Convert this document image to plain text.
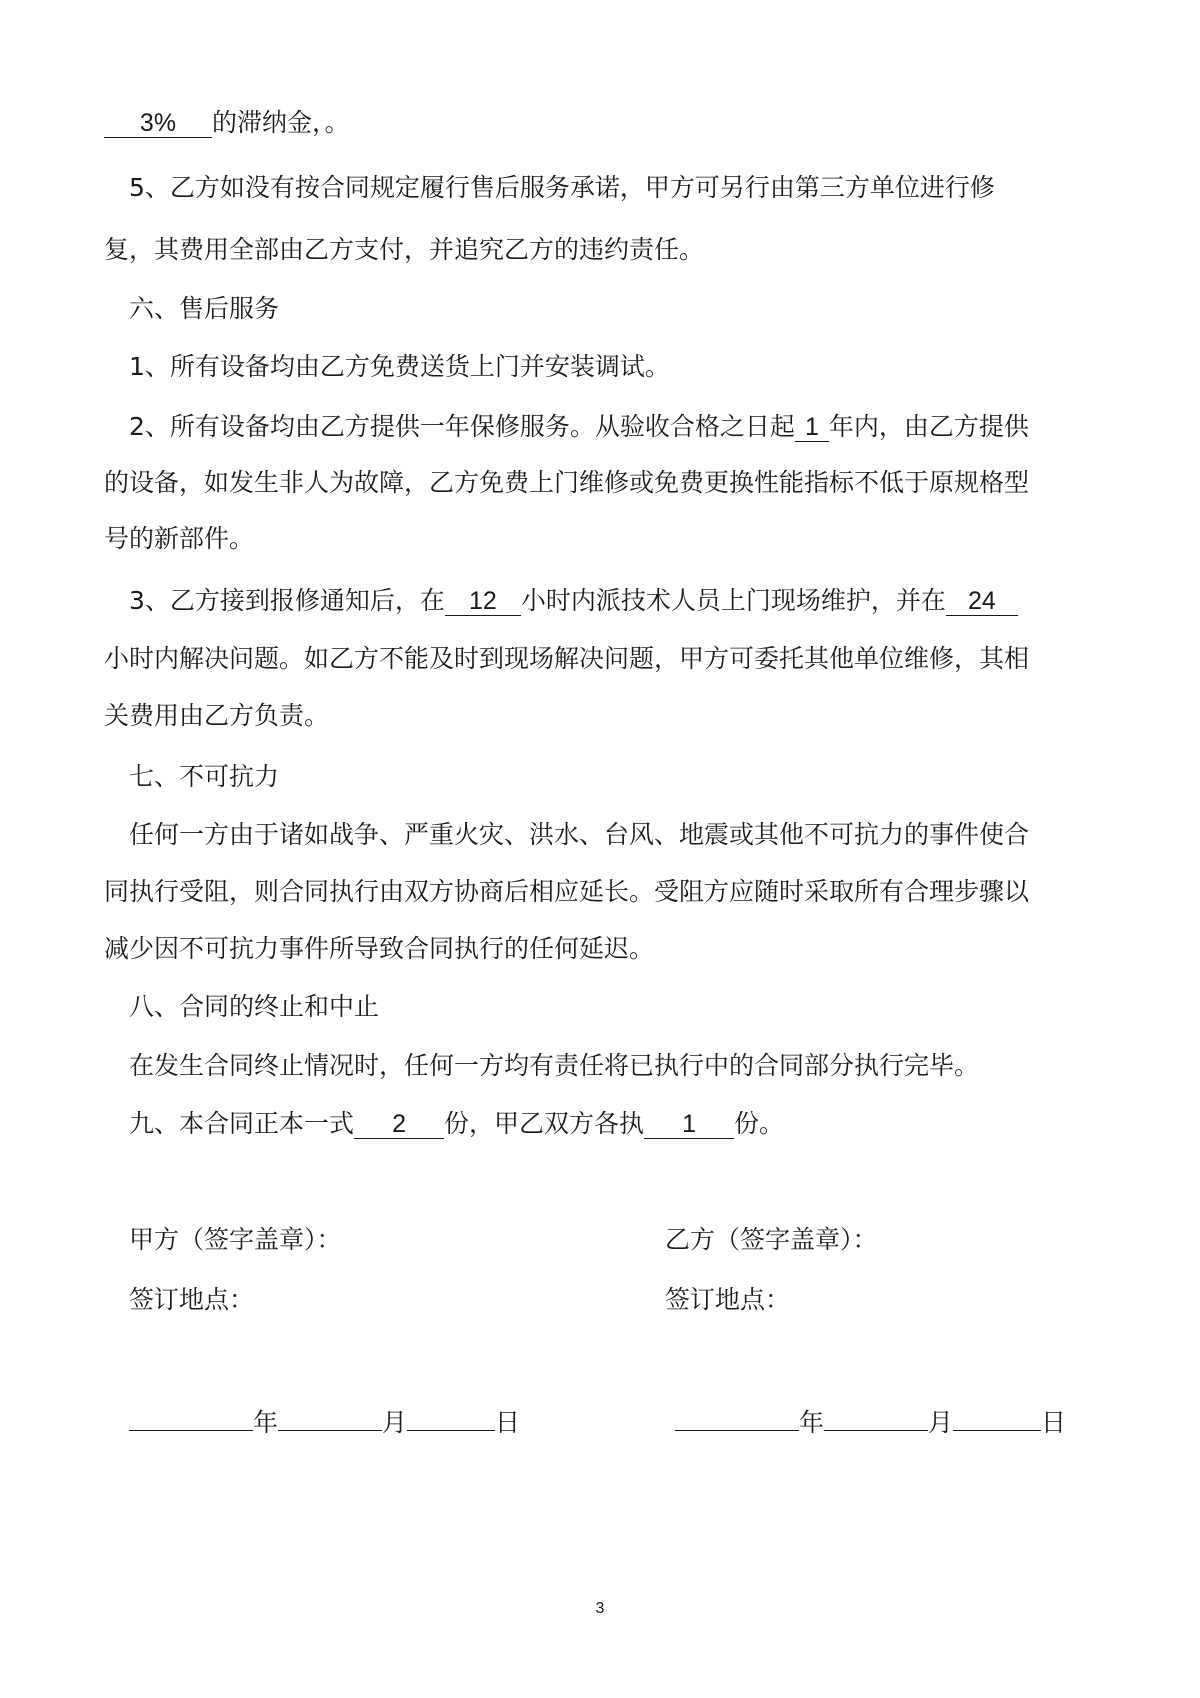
3% 的滞纳金，。
5、乙方如没有按合同规定履行售后服务承诺，甲方可另行由第三方单位进行修
复，其费用全部由乙方支付，并追究乙方的违约责任。
六、售后服务
1、所有设备均由乙方免费送货上门并安装调试。
2、所有设备均由乙方提供一年保修服务。从验收合格之日起 1 年内，由乙方提供
的设备，如发生非人为故障，乙方免费上门维修或免费更换性能指标不低于原规格型
号的新部件。
3、乙方接到报修通知后，在 12 小时内派技术人员上门现场维护，并在 24
小时内解决问题。如乙方不能及时到现场解决问题，甲方可委托其他单位维修，其相
关费用由乙方负责。
七、不可抗力
任何一方由于诸如战争、严重火灾、洪水、台风、地震或其他不可抗力的事件使合
同执行受阻，则合同执行由双方协商后相应延长。受阻方应随时采取所有合理步骤以
减少因不可抗力事件所导致合同执行的任何延迟。
八、合同的终止和中止
在发生合同终止情况时，任何一方均有责任将已执行中的合同部分执行完毕。
九、本合同正本一式 2 份，甲乙双方各执 1 份。
甲方（签字盖章）：	乙方（签字盖章）：
签订地点：	签订地点：
年	月	日	年	月	日
3
